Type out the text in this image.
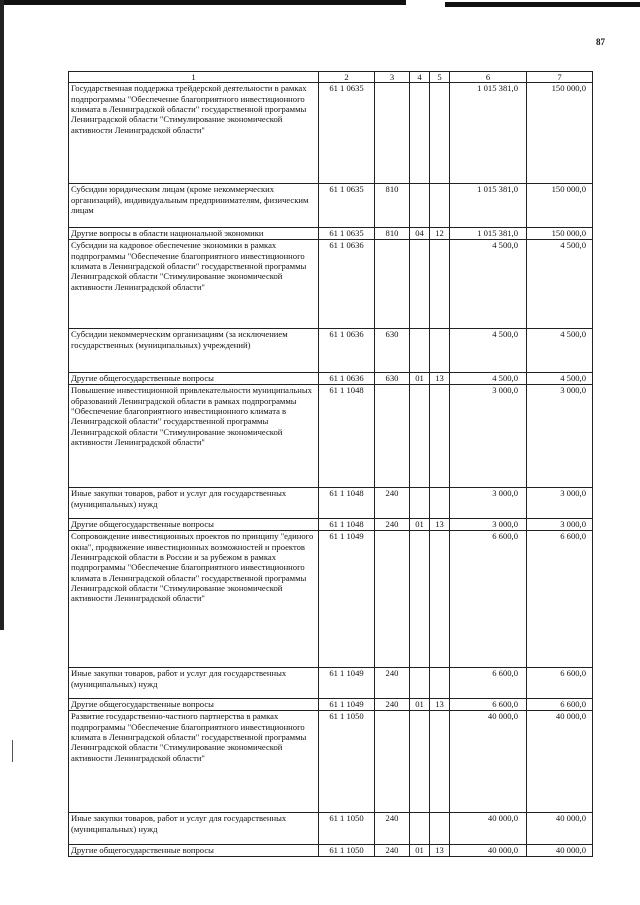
87
1	2	3	4	5	6	7
Государственная поддержка трейдерской деятельности в рамках подпрограммы "Обеспечение благоприятного инвестиционного климата в Ленинградской области" государственной программы Ленинградской области "Стимулирование экономической активности Ленинградской области"	61 1 0635				1 015 381,0	150 000,0
Субсидии юридическим лицам (кроме некоммерческих организаций), индивидуальным предпринимателям, физическим лицам	61 1 0635	810			1 015 381,0	150 000,0
Другие вопросы в области национальной экономики	61 1 0635	810	04	12	1 015 381,0	150 000,0
Субсидии на кадровое обеспечение экономики в рамках подпрограммы "Обеспечение благоприятного инвестиционного климата в Ленинградской области" государственной программы Ленинградской области "Стимулирование экономической активности Ленинградской области"	61 1 0636				4 500,0	4 500,0
Субсидии некоммерческим организациям (за исключением государственных (муниципальных) учреждений)	61 1 0636	630			4 500,0	4 500,0
Другие общегосударственные вопросы	61 1 0636	630	01	13	4 500,0	4 500,0
Повышение инвестиционной привлекательности муниципальных образований Ленинградской области в рамках подпрограммы "Обеспечение благоприятного инвестиционного климата в Ленинградской области" государственной программы Ленинградской области "Стимулирование экономической активности Ленинградской области"	61 1 1048				3 000,0	3 000,0
Иные закупки товаров, работ и услуг для государственных (муниципальных) нужд	61 1 1048	240			3 000,0	3 000,0
Другие общегосударственные вопросы	61 1 1048	240	01	13	3 000,0	3 000,0
Сопровождение инвестиционных проектов по принципу "единого окна", продвижение инвестиционных возможностей и проектов Ленинградской области в России и за рубежом в рамках подпрограммы "Обеспечение благоприятного инвестиционного климата в Ленинградской области" государственной программы Ленинградской области "Стимулирование экономической активности Ленинградской области"	61 1 1049				6 600,0	6 600,0
Иные закупки товаров, работ и услуг для государственных (муниципальных) нужд	61 1 1049	240			6 600,0	6 600,0
Другие общегосударственные вопросы	61 1 1049	240	01	13	6 600,0	6 600,0
Развитие государственно-частного партнерства в рамках подпрограммы "Обеспечение благоприятного инвестиционного климата в Ленинградской области" государственной программы Ленинградской области "Стимулирование экономической активности Ленинградской области"	61 1 1050				40 000,0	40 000,0
Иные закупки товаров, работ и услуг для государственных (муниципальных) нужд	61 1 1050	240			40 000,0	40 000,0
Другие общегосударственные вопросы	61 1 1050	240	01	13	40 000,0	40 000,0
